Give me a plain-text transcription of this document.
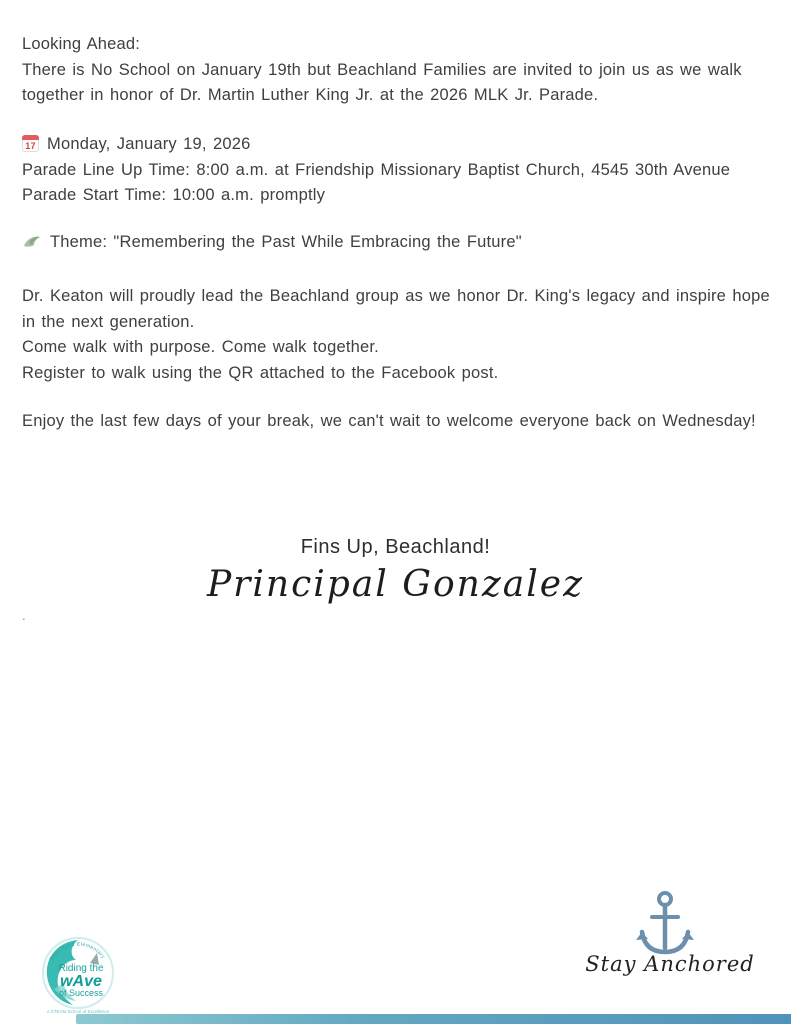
Looking Ahead:

There is No School on January 19th but Beachland Families are invited to join us as we walk together in honor of Dr. Martin Luther King Jr. at the 2026 MLK Jr. Parade.

17 Monday, January 19, 2026

Parade Line Up Time: 8:00 a.m. at Friendship Missionary Baptist Church, 4545 30th Avenue

Parade Start Time: 10:00 a.m. promptly

Theme: "Remembering the Past While Embracing the Future"

Dr. Keaton will proudly lead the Beachland group as we honor Dr. King's legacy and inspire hope in the next generation.

Come walk with purpose. Come walk together.

Register to walk using the QR attached to the Facebook post.

Enjoy the last few days of your break, we can't wait to welcome everyone back on Wednesday!

Fins Up, Beachland!
Principal Gonzalez
.
Beachland Elementary
Riding the
wAve
of Success
A STEAM School of Excellence
Stay Anchored
